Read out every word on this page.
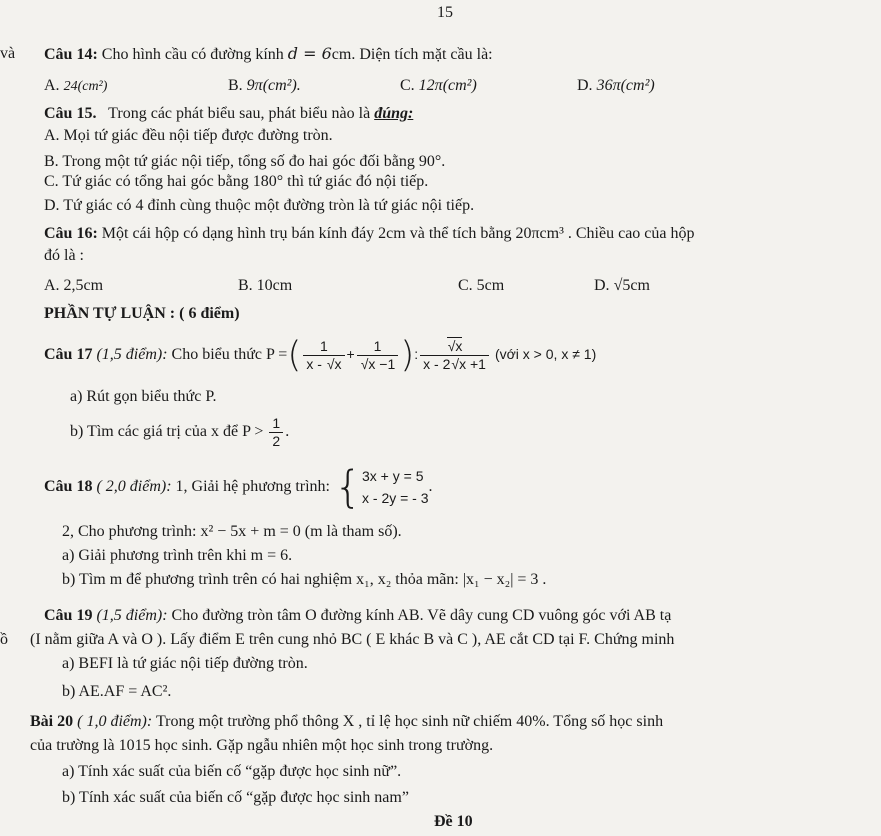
15
và Câu 14: Cho hình cầu có đường kính d = 6cm. Diện tích mặt cầu là:
A. 24(cm²)	B. 9π(cm²).	C. 12π(cm²)	D. 36π(cm²)
Câu 15. Trong các phát biểu sau, phát biểu nào là đúng:
A. Mọi tứ giác đều nội tiếp được đường tròn.
B. Trong một tứ giác nội tiếp, tổng số đo hai góc đối bằng 90°.
C. Tứ giác có tổng hai góc bằng 180° thì tứ giác đó nội tiếp.
D. Tứ giác có 4 đỉnh cùng thuộc một đường tròn là tứ giác nội tiếp.
Câu 16: Một cái hộp có dạng hình trụ bán kính đáy 2cm và thể tích bằng 20πcm³ . Chiều cao của hộp
đó là :
A. 2,5cm	B. 10cm	C. 5cm	D. √5cm
PHẦN TỰ LUẬN : ( 6 điểm)
Câu 17 (1,5 điểm): Cho biểu thức P =( $\frac{1}{x - √x} + \frac{1}{√x -1}$ ): $\frac{√x}{x - 2√x +1}$ (với x > 0, x ≠ 1)
a) Rút gọn biểu thức P.
b) Tìm các giá trị của x để $P > \frac{1}{2}$ .
Câu 18 ( 2,0 điểm): 1, Giải hệ phương trình: { 3x + y = 5
x - 2y = - 3
.
2, Cho phương trình: x² − 5x + m = 0 (m là tham số).
a) Giải phương trình trên khi m = 6.
b) Tìm m để phương trình trên có hai nghiệm x₁, x₂ thỏa mãn: |x₁ − x₂| = 3 .
Câu 19 (1,5 điểm): Cho đường tròn tâm O đường kính AB. Vẽ dây cung CD vuông góc với AB tạ
ồ (I nằm giữa A và O ). Lấy điểm E trên cung nhỏ BC ( E khác B và C ), AE cắt CD tại F. Chứng minh
a) BEFI là tứ giác nội tiếp đường tròn.
b) AE.AF = AC².
Bài 20 ( 1,0 điểm): Trong một trường phổ thông X , tỉ lệ học sinh nữ chiếm 40%. Tổng số học sinh
của trường là 1015 học sinh. Gặp ngẫu nhiên một học sinh trong trường.
a) Tính xác suất của biến cố “gặp được học sinh nữ”.
b) Tính xác suất của biến cố “gặp được học sinh nam”
Đề 10
